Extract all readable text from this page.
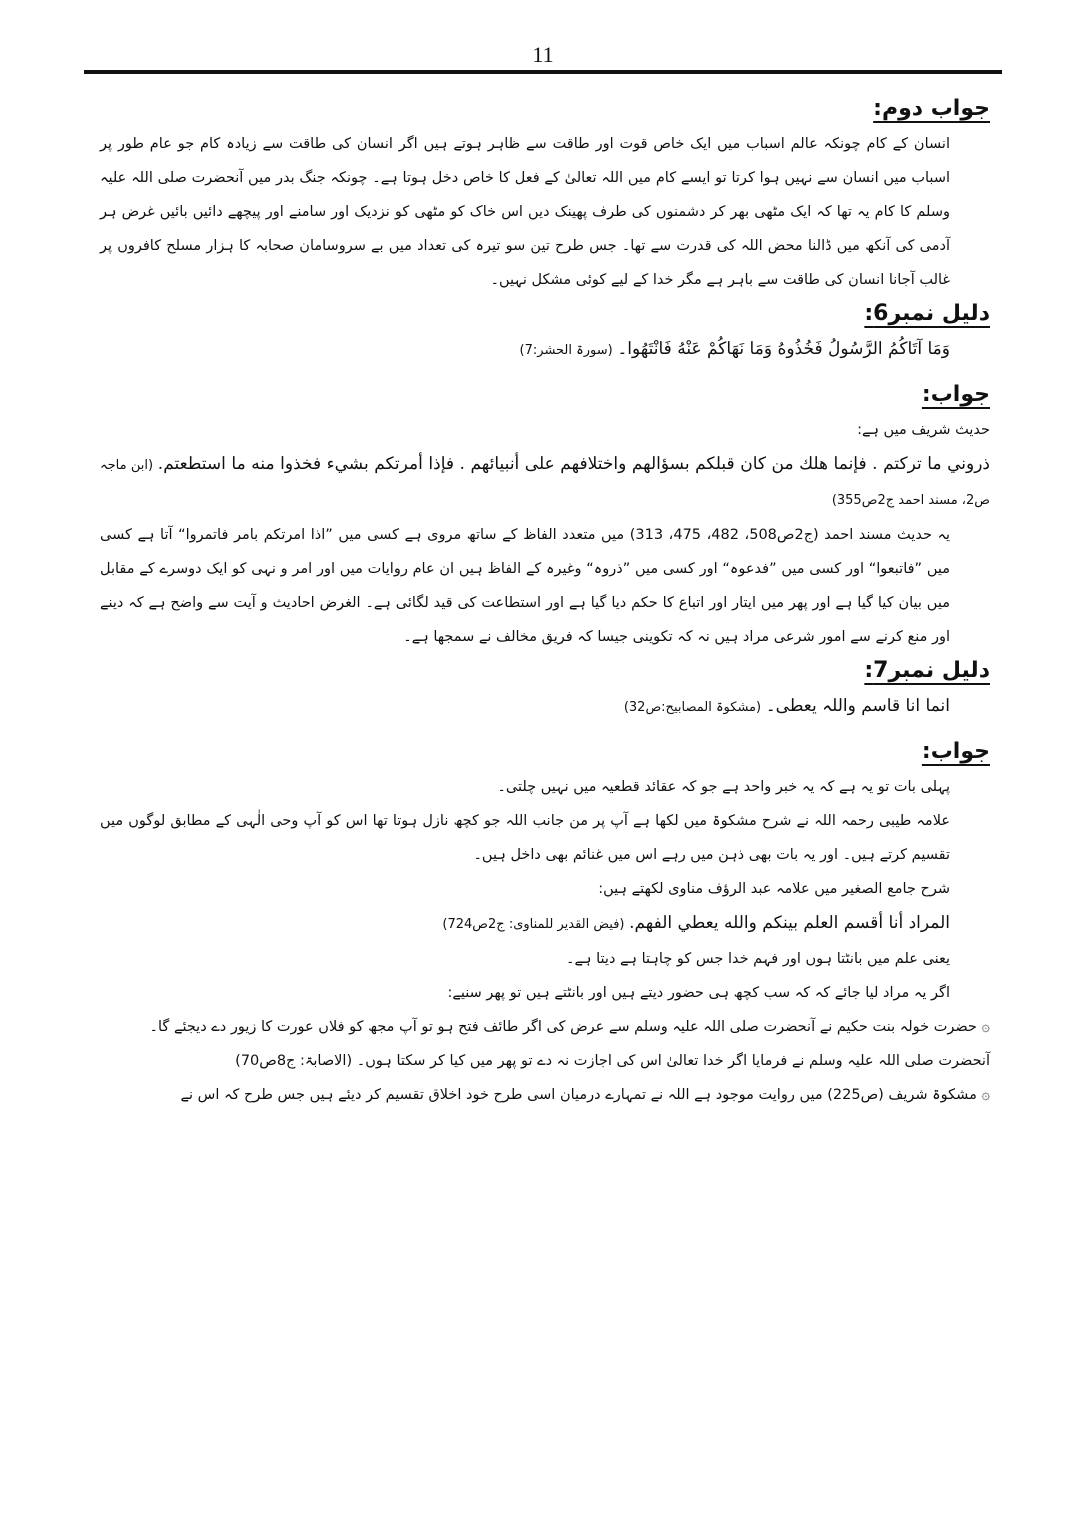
11
جواب دوم:
انسان کے کام چونکہ عالم اسباب میں ایک خاص قوت اور طاقت سے ظاہر ہوتے ہیں اگر انسان کی طاقت سے زیادہ کام جو عام طور پر اسباب میں انسان سے نہیں ہوا کرتا تو ایسے کام میں اللہ تعالیٰ کے فعل کا خاص دخل ہوتا ہے۔ چونکہ جنگ بدر میں آنحضرت صلی اللہ علیہ وسلم کا کام یہ تھا کہ ایک مٹھی بھر کر دشمنوں کی طرف پھینک دیں اس خاک کو مٹھی کو نزدیک اور سامنے اور پیچھے دائیں بائیں غرض ہر آدمی کی آنکھ میں ڈالنا محض اللہ کی قدرت سے تھا۔ جس طرح تین سو تیرہ کی تعداد میں بے سروسامان صحابہ کا ہزار مسلح کافروں پر غالب آجانا انسان کی طاقت سے باہر ہے مگر خدا کے لیے کوئی مشکل نہیں۔
دلیل نمبر6:
وَمَا آتَاكُمُ الرَّسُولُ فَخُذُوهُ وَمَا نَهَاكُمْ عَنْهُ فَانْتَهُوا۔ (سورۃ الحشر:7)
جواب:
حدیث شریف میں ہے:
ذروني ما تركتم . فإنما هلك من كان قبلكم بسؤالهم واختلافهم على أنبيائهم . فإذا أمرتكم بشيء فخذوا منه ما استطعتم. (ابن ماجہ ص2، مسند احمد ج2ص355)
یہ حدیث مسند احمد (ج2ص508، 482، 475، 313) میں متعدد الفاظ کے ساتھ مروی ہے کسی میں ”اذا امرتکم بامر فاتمروا“ آتا ہے کسی میں ”فاتبعوا“ اور کسی میں ”فدعوہ“ اور کسی میں ”ذروہ“ وغیرہ کے الفاظ ہیں ان عام روایات میں اور امر و نہی کو ایک دوسرے کے مقابل میں بیان کیا گیا ہے اور پھر میں ایتار اور اتباع کا حکم دیا گیا ہے اور استطاعت کی قید لگائی ہے۔ الغرض احادیث و آیت سے واضح ہے کہ دینے اور منع کرنے سے امور شرعی مراد ہیں نہ کہ تکوینی جیسا کہ فریق مخالف نے سمجھا ہے۔
دلیل نمبر7:
انما انا قاسم واللہ یعطی۔ (مشکوۃ المصابیح:ص32)
جواب:
پہلی بات تو یہ ہے کہ یہ خبر واحد ہے جو کہ عقائد قطعیہ میں نہیں چلتی۔
علامہ طیبی رحمہ اللہ نے شرح مشکوۃ میں لکھا ہے آپ پر من جانب اللہ جو کچھ نازل ہوتا تھا اس کو آپ وحی الٰہی کے مطابق لوگوں میں تقسیم کرتے ہیں۔ اور یہ بات بھی ذہن میں رہے اس میں غنائم بھی داخل ہیں۔
شرح جامع الصغیر میں علامہ عبد الرؤف مناوی لکھتے ہیں:
المراد أنا أقسم العلم بينكم والله يعطي الفهم. (فیض القدیر للمناوی: ج2ص724)
یعنی علم میں بانٹتا ہوں اور فہم خدا جس کو چاہتا ہے دیتا ہے۔
اگر یہ مراد لیا جائے کہ کہ سب کچھ ہی حضور دیتے ہیں اور بانٹتے ہیں تو پھر سنیے:
۞ حضرت خولہ بنت حکیم نے آنحضرت صلی اللہ علیہ وسلم سے عرض کی اگر طائف فتح ہو تو آپ مجھ کو فلاں عورت کا زیور دے دیجئے گا۔
آنحضرت صلی اللہ علیہ وسلم نے فرمایا اگر خدا تعالیٰ اس کی اجازت نہ دے تو پھر میں کیا کر سکتا ہوں۔ (الاصابۃ: ج8ص70)
۞ مشکوۃ شریف (ص225) میں روایت موجود ہے اللہ نے تمہارے درمیان اسی طرح خود اخلاق تقسیم کر دیئے ہیں جس طرح کہ اس نے
